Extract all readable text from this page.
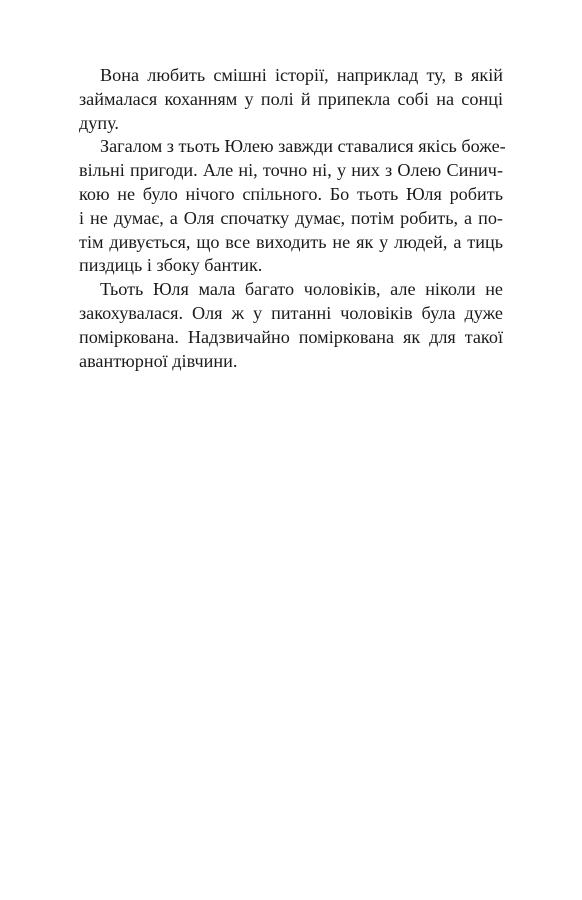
Вона любить смішні історії, наприклад ту, в якій
займалася коханням у полі й припекла собі на сонці
дупу.

Загалом з тьоть Юлею завжди ставалися якісь боже-
вільні пригоди. Але ні, точно ні, у них з Олею Синич-
кою не було нічого спільного. Бо тьоть Юля робить
і не думає, а Оля спочатку думає, потім робить, а по-
тім дивується, що все виходить не як у людей, а тиць
пиздиць і збоку бантик.

Тьоть Юля мала багато чоловіків, але ніколи не
закохувалася. Оля ж у питанні чоловіків була дуже
поміркована. Надзвичайно поміркована як для такої
авантюрної дівчини.
